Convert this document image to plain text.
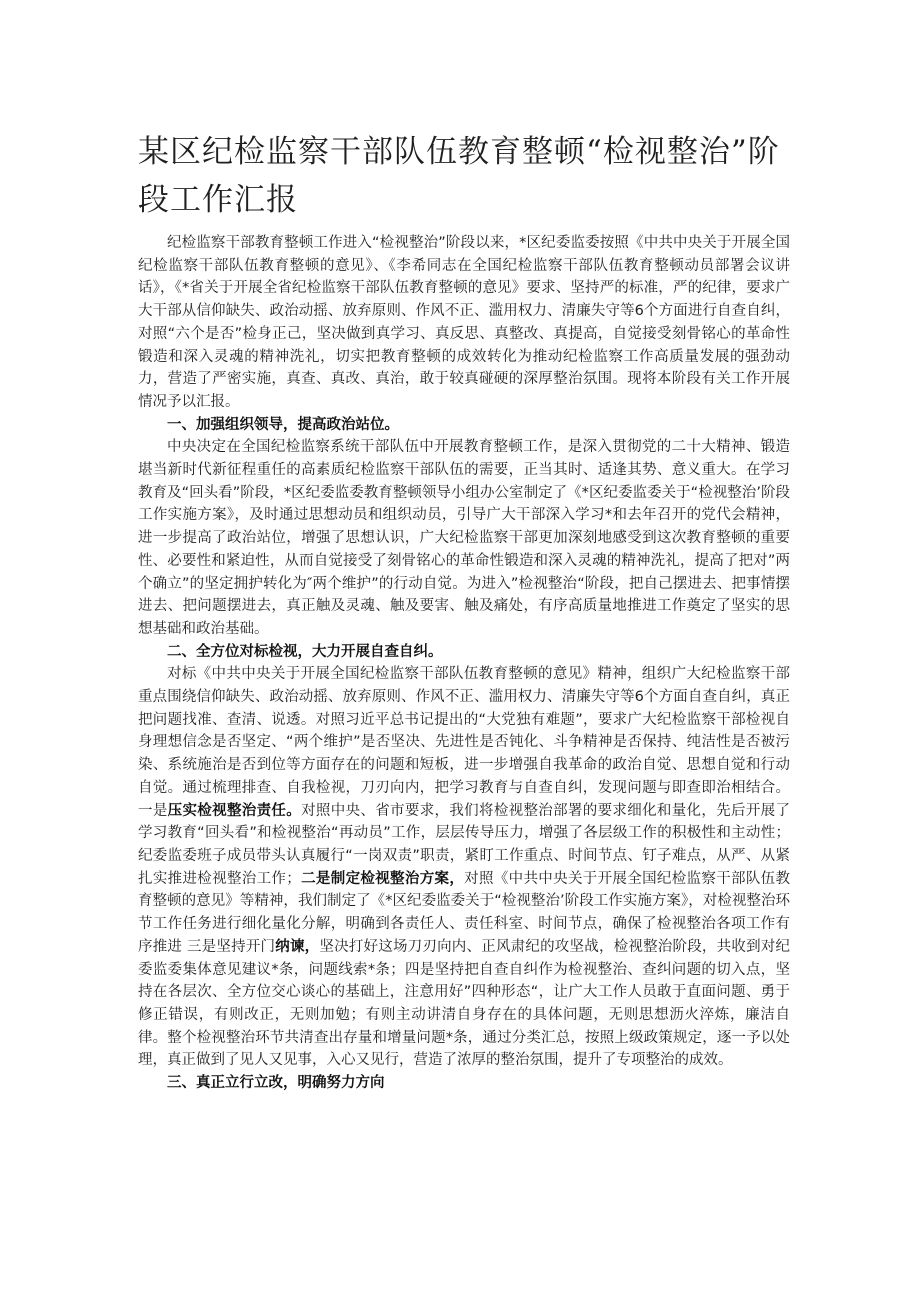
某区纪检监察干部队伍教育整顿“检视整治”阶段工作汇报

纪检监察干部教育整顿工作进入“检视整治”阶段以来，*区纪委监委按照《中共中央关于开展全国纪检监察干部队伍教育整顿的意见》、《李希同志在全国纪检监察干部队伍教育整顿动员部署会议讲话》，《*省关于开展全省纪检监察干部队伍教育整顿的意见》要求、坚持严的标准，严的纪律，要求广大干部从信仰缺失、政治动摇、放弃原则、作风不正、滥用权力、清廉失守等6个方面进行自查自纠，对照“六个是否”检身正己，坚决做到真学习、真反思、真整改、真提高，自觉接受刻骨铭心的革命性锻造和深入灵魂的精神洗礼，切实把教育整顿的成效转化为推动纪检监察工作高质量发展的强劲动力，营造了严密实施，真查、真改、真治，敢于较真碰硬的深厚整治氛围。现将本阶段有关工作开展情况予以汇报。

一、加强组织领导，提高政治站位。

中央决定在全国纪检监察系统干部队伍中开展教育整顿工作，是深入贯彻党的二十大精神、锻造堪当新时代新征程重任的高素质纪检监察干部队伍的需要，正当其时、适逢其势、意义重大。在学习教育及“回头看”阶段，*区纪委监委教育整顿领导小组办公室制定了《*区纪委监委关于“检视整治’阶段工作实施方案》，及时通过思想动员和组织动员，引导广大干部深入学习*和去年召开的党代会精神，进一步提高了政治站位，增强了思想认识，广大纪检监察干部更加深刻地感受到这次教育整顿的重要性、必要性和紧迫性，从而自觉接受了刻骨铭心的革命性锻造和深入灵魂的精神洗礼，提高了把对”两个确立”的坚定拥护转化为″两个维护”的行动自觉。为进入”检视整治“阶段，把自己摆进去、把事情摆进去、把问题摆进去，真正触及灵魂、触及要害、触及痛处，有序高质量地推进工作奠定了坚实的思想基础和政治基础。

二、全方位对标检视，大力开展自查自纠。

对标《中共中央关于开展全国纪检监察干部队伍教育整顿的意见》精神，组织广大纪检监察干部重点围绕信仰缺失、政治动摇、放弃原则、作风不正、滥用权力、清廉失守等6个方面自查自纠，真正把问题找准、查清、说透。对照习近平总书记提出的“大党独有难题”，要求广大纪检监察干部检视自身理想信念是否坚定、“两个维护”是否坚决、先进性是否钝化、斗争精神是否保持、纯洁性是否被污染、系统施治是否到位等方面存在的问题和短板，进一步增强自我革命的政治自觉、思想自觉和行动自觉。通过梳理排查、自我检视，刀刃向内，把学习教育与自查自纠，发现问题与即查即治相结合。一是压实检视整治责任。对照中央、省市要求，我们将检视整治部署的要求细化和量化，先后开展了学习教育“回头看”和检视整治“再动员”工作，层层传导压力，增强了各层级工作的积极性和主动性；纪委监委班子成员带头认真履行“一岗双责”职责，紧盯工作重点、时间节点、钉子难点，从严、从紧扎实推进检视整治工作；二是制定检视整治方案，对照《中共中央关于开展全国纪检监察干部队伍教育整顿的意见》等精神，我们制定了《*区纪委监委关于“检视整治’阶段工作实施方案》，对检视整治环节工作任务进行细化量化分解，明确到各责任人、责任科室、时间节点，确保了检视整治各项工作有序推进 三是坚持开门纳谏，坚决打好这场刀刃向内、正风肃纪的攻坚战，检视整治阶段，共收到对纪委监委集体意见建议*条，问题线索*条；四是坚持把自查自纠作为检视整治、查纠问题的切入点，坚持在各层次、全方位交心谈心的基础上，注意用好”四种形态“，让广大工作人员敢于直面问题、勇于修正错误，有则改正，无则加勉；有则主动讲清自身存在的具体问题，无则思想沥火淬炼，廉洁自律。整个检视整治环节共清查出存量和增量问题*条，通过分类汇总，按照上级政策规定，逐一予以处理，真正做到了见人又见事，入心又见行，营造了浓厚的整治氛围，提升了专项整治的成效。

三、真正立行立改，明确努力方向
